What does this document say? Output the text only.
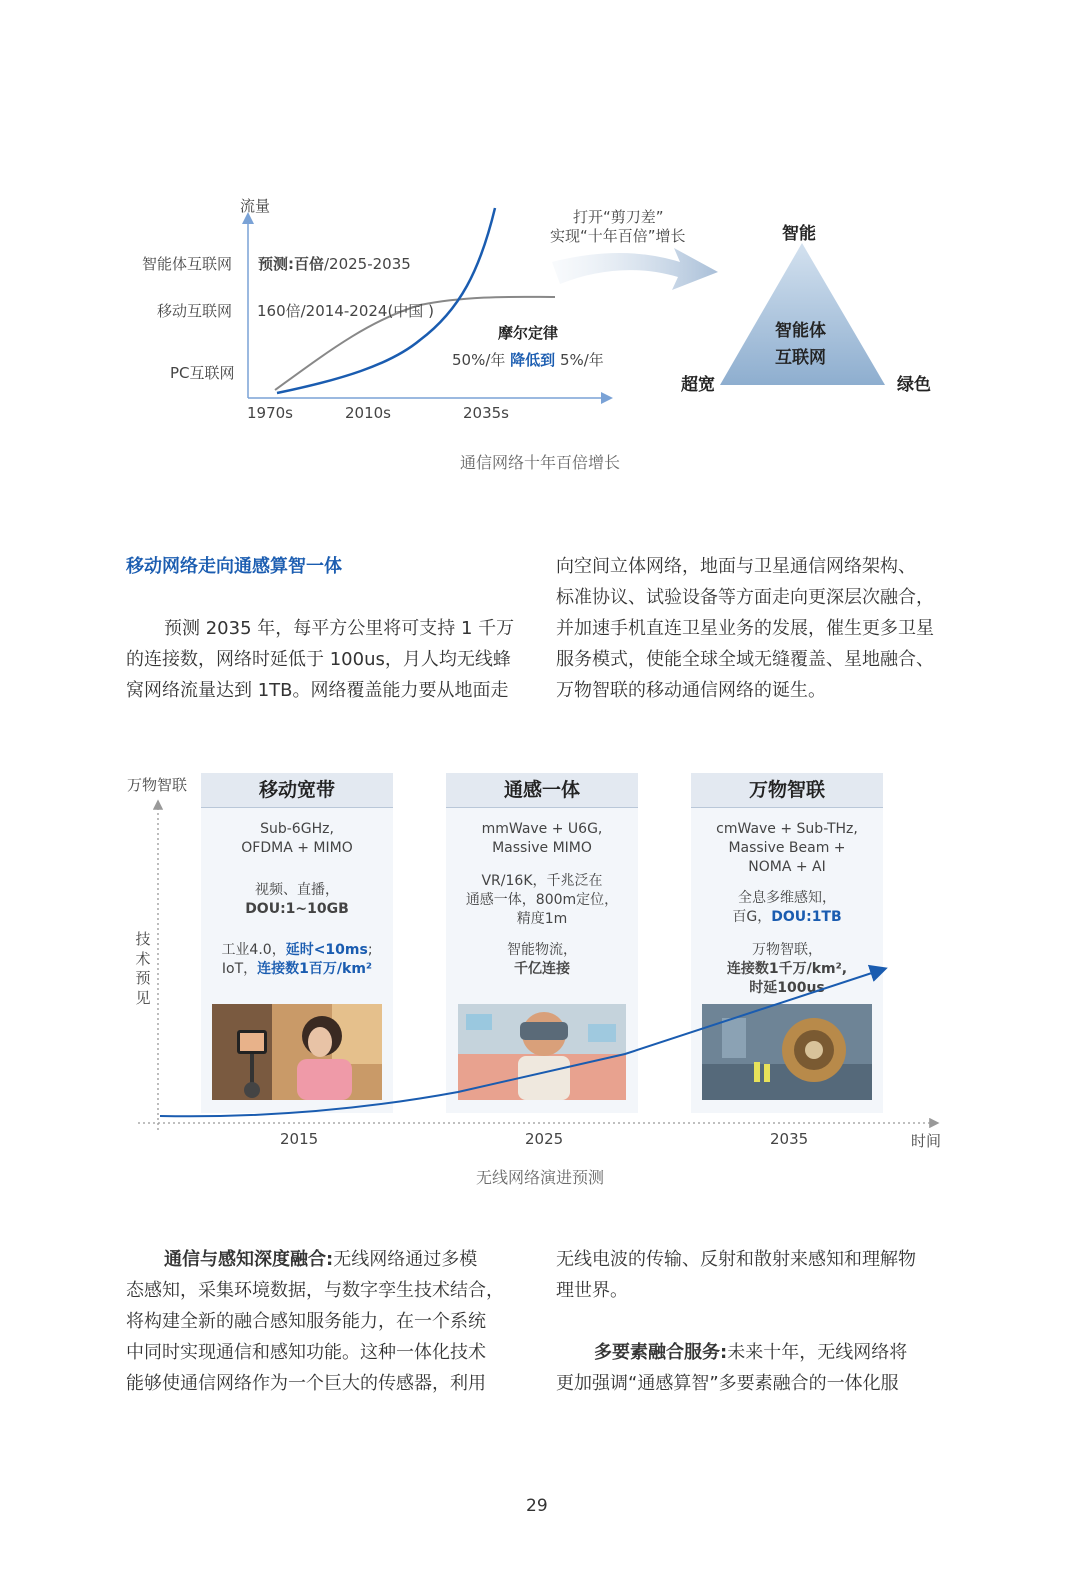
流量
智能体互联网
移动互联网
PC互联网
预测:百倍/2025-2035
160倍/2014-2024(中国 )
摩尔定律
50%/年 降低到 5%/年
1970s	2010s	2035s
打开“剪刀差”
实现“十年百倍”增长	智能
智能体
互联网
超宽	绿色
通信网络十年百倍增长
移动网络走向通感算智一体

预测 2035 年，每平方公里将可支持 1 千万

的连接数，网络时延低于 100us，月人均无线蜂

窝网络流量达到 1TB。网络覆盖能力要从地面走

向空间立体网络，地面与卫星通信网络架构、

标准协议、试验设备等方面走向更深层次融合，

并加速手机直连卫星业务的发展，催生更多卫星

服务模式，使能全球全域无缝覆盖、星地融合、

万物智联的移动通信网络的诞生。

移动宽带
Sub-6GHz,
OFDMA + MIMO
视频、直播，
DOU:1~10GB
工业4.0，延时<10ms;
IoT，连接数1百万/km²
通感一体
mmWave + U6G,
Massive MIMO
VR/16K，千兆泛在
通感一体，800m定位，
精度1m
智能物流，
千亿连接
万物智联
cmWave + Sub-THz,
Massive Beam +
NOMA + AI
全息多维感知，
百G，DOU:1TB
万物智联，
连接数1千万/km²,
时延100us
万物智联
技
术
预
见
2015	2025	2035	时间
无线网络演进预测

通信与感知深度融合:无线网络通过多模

态感知，采集环境数据，与数字孪生技术结合，

将构建全新的融合感知服务能力，在一个系统

中同时实现通信和感知功能。这种一体化技术

能够使通信网络作为一个巨大的传感器，利用

无线电波的传输、反射和散射来感知和理解物

理世界。

多要素融合服务:未来十年，无线网络将

更加强调“通感算智”多要素融合的一体化服

29
